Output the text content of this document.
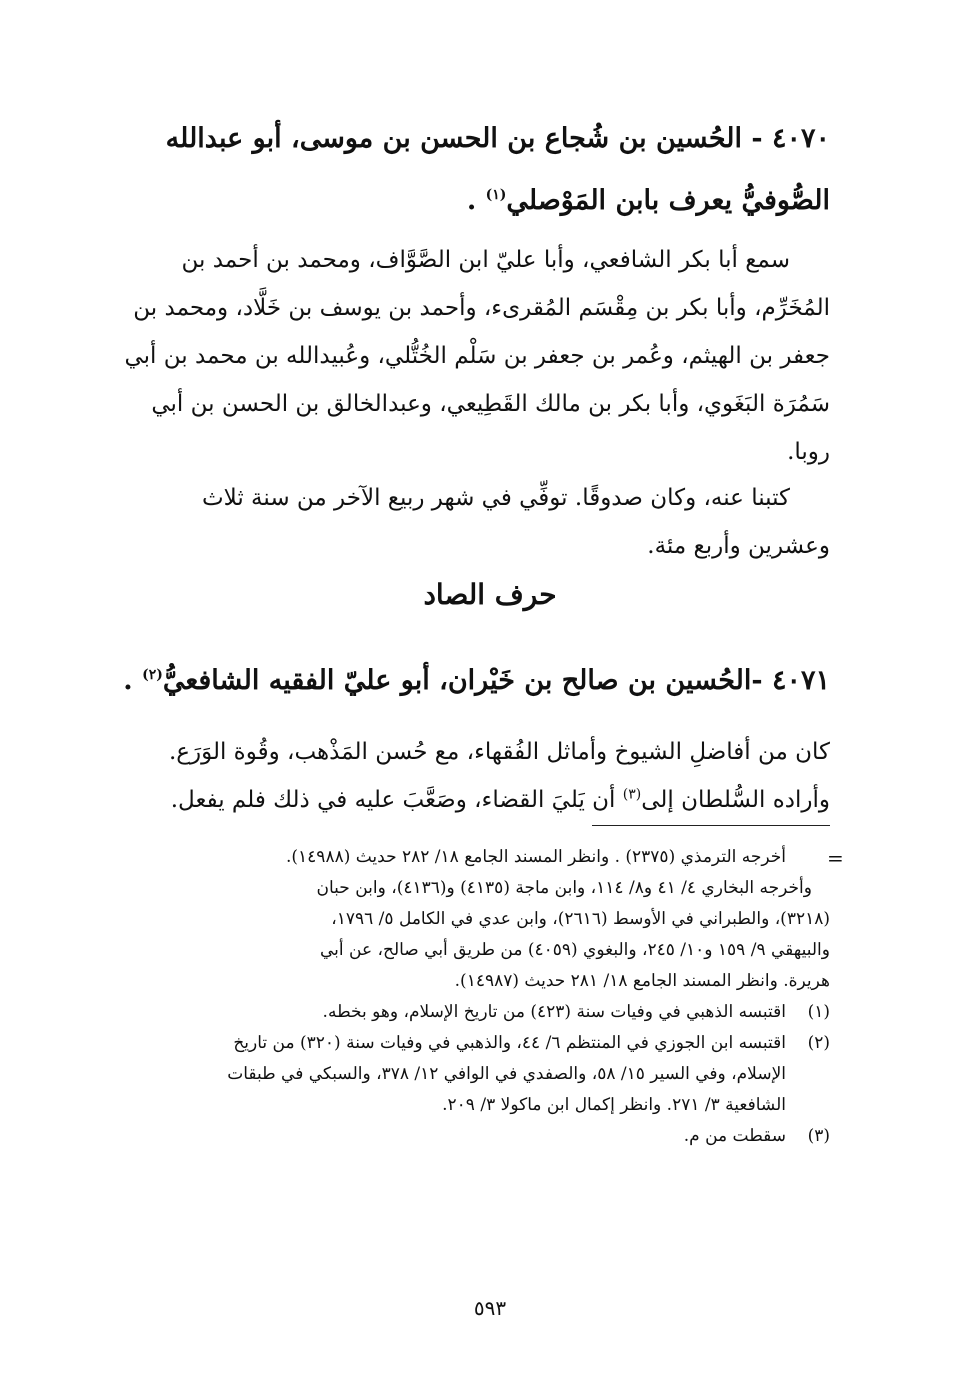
٤٠٧٠ - الحُسين بن شُجاع بن الحسن بن موسى، أبو عبدالله
الصُّوفيُّ يعرف بابن المَوْصلي$^{(١)}$ .
سمع أبا بكر الشافعي، وأبا عليّ ابن الصَّوَّاف، ومحمد بن أحمد بن
المُخَرِّم، وأبا بكر بن مِقْسَم المُقرىء، وأحمد بن يوسف بن خَلَّاد، ومحمد بن
جعفر بن الهيثم، وعُمر بن جعفر بن سَلْم الخُتُّلي، وعُبيدالله بن محمد بن أبي
سَمُرَة البَغَوي، وأبا بكر بن مالك القَطِيعي، وعبدالخالق بن الحسن بن أبي
روبا.
كتبنا عنه، وكان صدوقًا. توفِّي في شهر ربيع الآخر من سنة ثلاث
وعشرين وأربع مئة.
حرف الصاد
٤٠٧١ -الحُسين بن صالح بن خَيْران، أبو عليّ الفقيه الشافعيُّ$^{(٢)}$ .
كان من أفاضلِ الشيوخ وأماثل الفُقهاء، مع حُسن المَذْهب، وقُوة الوَرَع.
وأراده السُّلطان إلى$^{(٣)}$ أن يَليَ القضاء، وصَعَّبَ عليه في ذلك فلم يفعل.
=
أخرجه الترمذي (٢٣٧٥) . وانظر المسند الجامع ١٨/ ٢٨٢ حديث (١٤٩٨٨).
وأخرجه البخاري ٤/ ٤١ و٨/ ١١٤، وابن ماجة (٤١٣٥) و(٤١٣٦)، وابن حبان
(٣٢١٨)، والطبراني في الأوسط (٢٦١٦)، وابن عدي في الكامل ٥/ ١٧٩٦،
والبيهقي ٩/ ١٥٩ و١٠/ ٢٤٥، والبغوي (٤٠٥٩) من طريق أبي صالح، عن أبي
هريرة. وانظر المسند الجامع ١٨/ ٢٨١ حديث (١٤٩٨٧).
(١)اقتبسه الذهبي في وفيات سنة (٤٢٣) من تاريخ الإسلام، وهو بخطه.
(٢)اقتبسه ابن الجوزي في المنتظم ٦/ ٤٤، والذهبي في وفيات سنة (٣٢٠) من تاريخ
الإسلام، وفي السير ١٥/ ٥٨، والصفدي في الوافي ١٢/ ٣٧٨، والسبكي في طبقات
الشافعية ٣/ ٢٧١. وانظر إكمال ابن ماكولا ٣/ ٢٠٩.
(٣)سقطت من م.
٥٩٣
